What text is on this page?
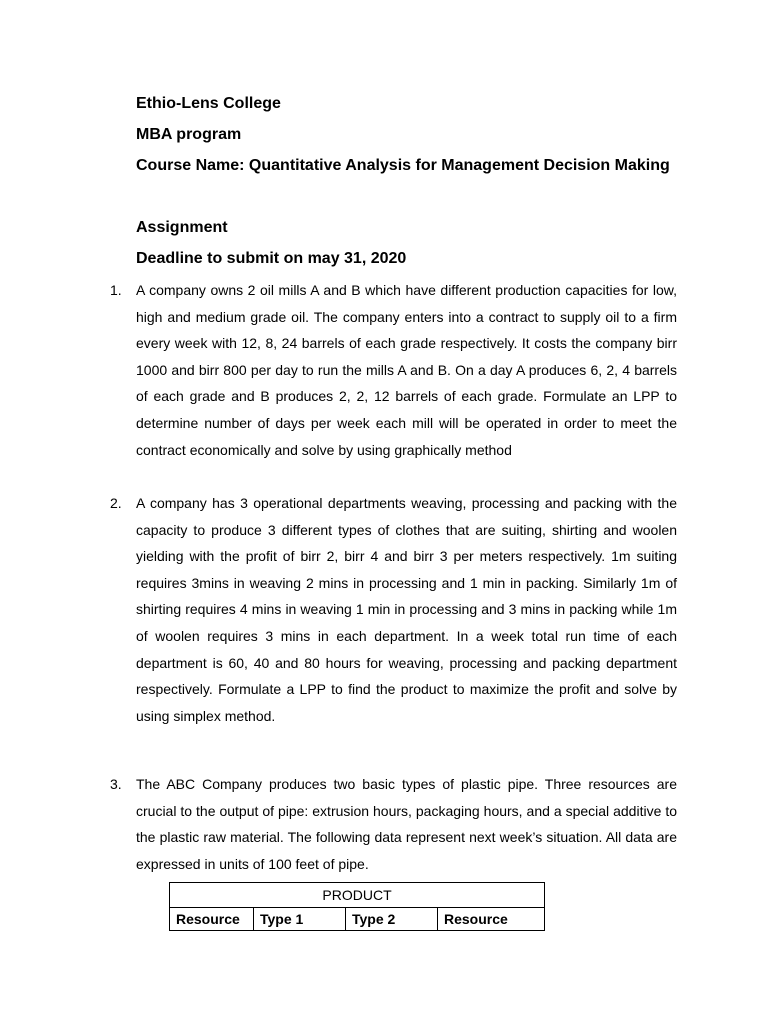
Ethio-Lens College

MBA program

Course Name: Quantitative Analysis for Management Decision Making

Assignment

Deadline to submit on may 31, 2020

1. A company owns 2 oil mills A and B which have different production capacities for low, high and medium grade oil. The company enters into a contract to supply oil to a firm every week with 12, 8, 24 barrels of each grade respectively. It costs the company birr 1000 and birr 800 per day to run the mills A and B. On a day A produces 6, 2, 4 barrels of each grade and B produces 2, 2, 12 barrels of each grade. Formulate an LPP to determine number of days per week each mill will be operated in order to meet the contract economically and solve by using graphically method

2. A company has 3 operational departments weaving, processing and packing with the capacity to produce 3 different types of clothes that are suiting, shirting and woolen yielding with the profit of birr 2, birr 4 and birr 3 per meters respectively. 1m suiting requires 3mins in weaving 2 mins in processing and 1 min in packing. Similarly 1m of shirting requires 4 mins in weaving 1 min in processing and 3 mins in packing while 1m of woolen requires 3 mins in each department. In a week total run time of each department is 60, 40 and 80 hours for weaving, processing and packing department respectively. Formulate a LPP to find the product to maximize the profit and solve by using simplex method.

3. The ABC Company produces two basic types of plastic pipe. Three resources are crucial to the output of pipe: extrusion hours, packaging hours, and a special additive to the plastic raw material. The following data represent next week’s situation. All data are expressed in units of 100 feet of pipe.

PRODUCT
Resource	Type 1	Type 2	Resource
